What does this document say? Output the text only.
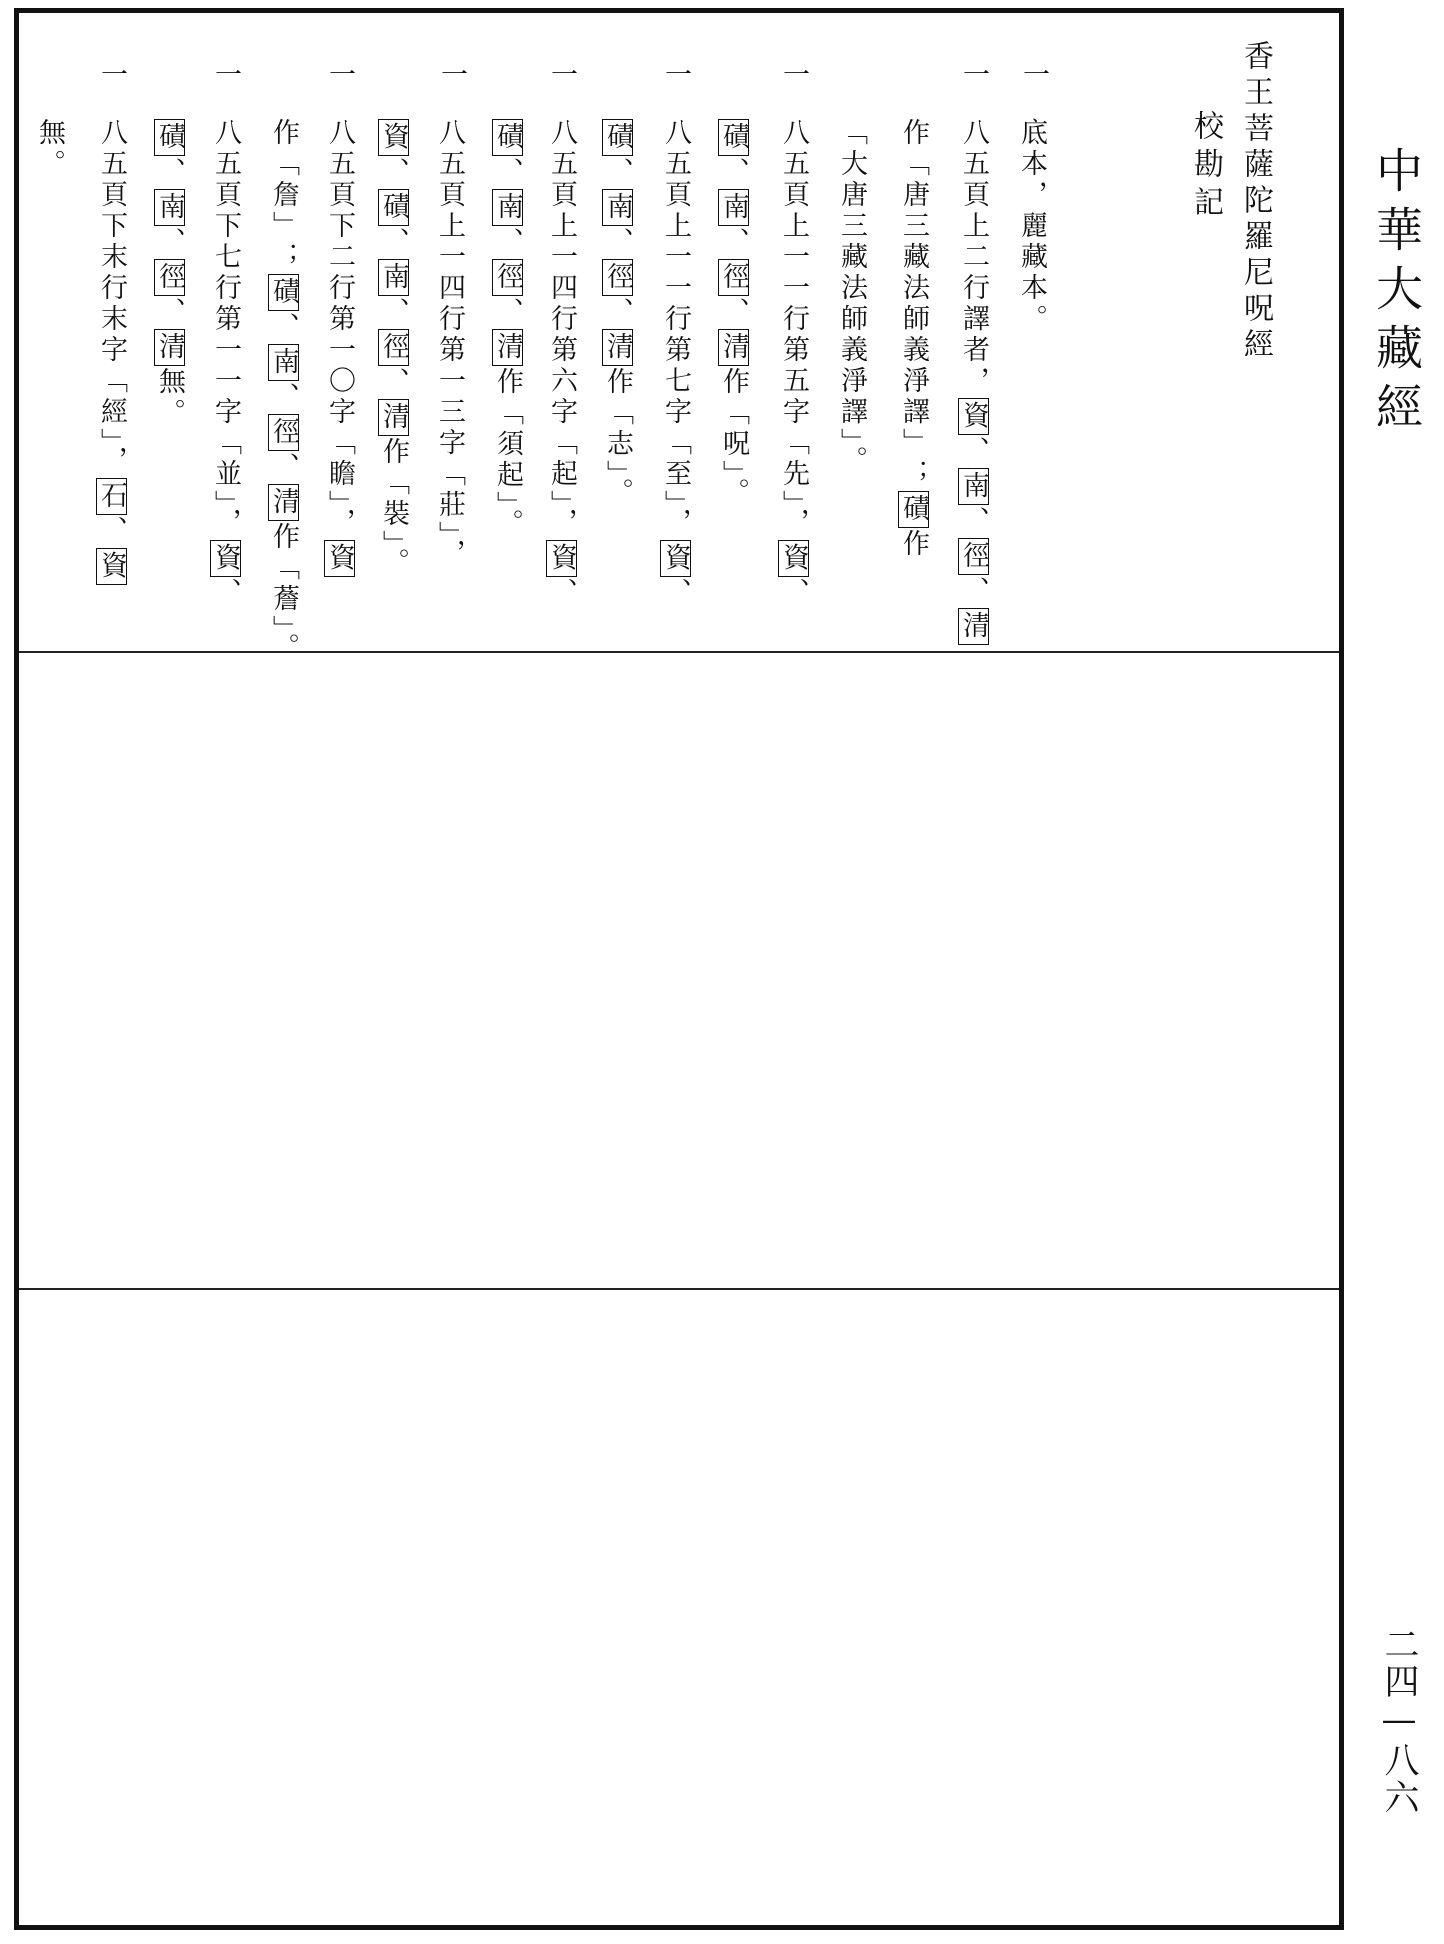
香王菩薩陀羅尼呪經
校勘記
一
底本，麗藏本。
一
八五頁上二行譯者，資、南、徑、清
作「唐三藏法師義淨譯」；磧作
「大唐三藏法師義淨譯」。
一
八五頁上一一行第五字「先」，資、
磧、南、徑、清作「呪」。
一
八五頁上一一行第七字「至」，資、
磧、南、徑、清作「志」。
一
八五頁上一四行第六字「起」，資、
磧、南、徑、清作「須起」。
一
八五頁上一四行第一三字「莊」，
資、磧、南、徑、清作「裝」。
一
八五頁下二行第一〇字「瞻」，資
作「詹」；磧、南、徑、清作「薝」。
一
八五頁下七行第一一字「並」，資、
磧、南、徑、清無。
一
八五頁下末行末字「經」，石、資
無。	中華大藏經
二四—八六
